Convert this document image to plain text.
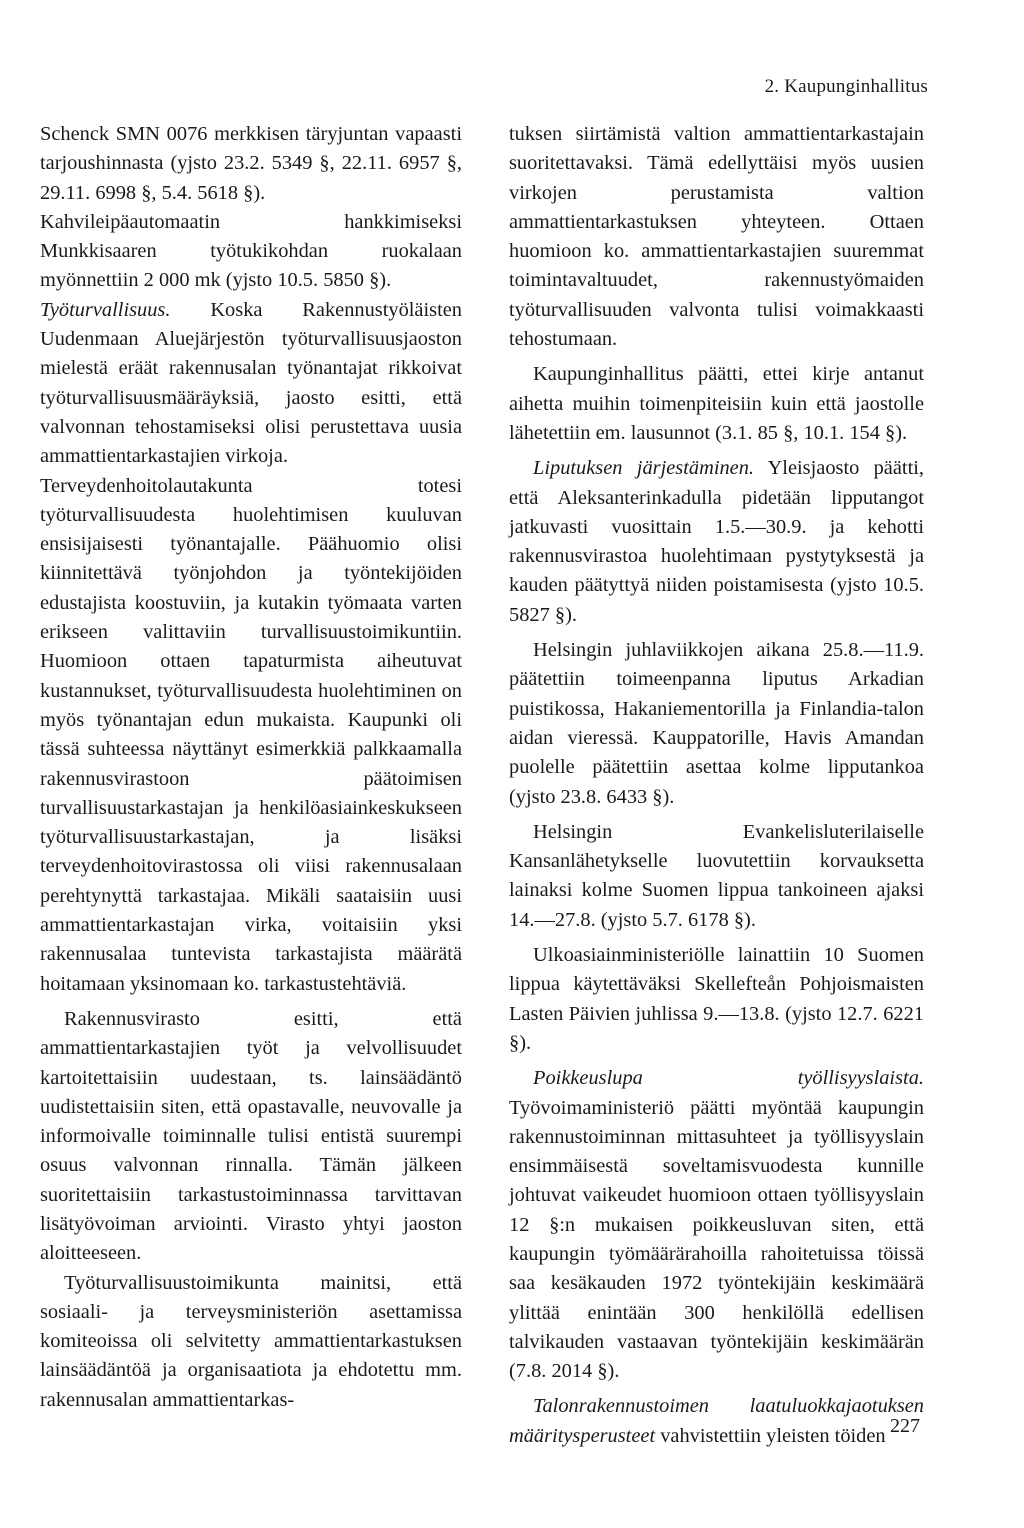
2. Kaupunginhallitus

Schenck SMN 0076 merkkisen täryjuntan vapaasti tarjoushinnasta (yjsto 23.2. 5349 §, 22.11. 6957 §, 29.11. 6998 §, 5.4. 5618 §).

Kahvileipäautomaatin hankkimiseksi Munkkisaaren työtukikohdan ruokalaan myönnettiin 2 000 mk (yjsto 10.5. 5850 §).

Työturvallisuus. Koska Rakennustyöläisten Uudenmaan Aluejärjestön työturvallisuusjaoston mielestä eräät rakennusalan työnantajat rikkoivat työturvallisuusmääräyksiä, jaosto esitti, että valvonnan tehostamiseksi olisi perustettava uusia ammattientarkastajien virkoja.

Terveydenhoitolautakunta totesi työturvallisuudesta huolehtimisen kuuluvan ensisijaisesti työnantajalle. Päähuomio olisi kiinnitettävä työnjohdon ja työntekijöiden edustajista koostuviin, ja kutakin työmaata varten erikseen valittaviin turvallisuustoimikuntiin. Huomioon ottaen tapaturmista aiheutuvat kustannukset, työturvallisuudesta huolehtiminen on myös työnantajan edun mukaista. Kaupunki oli tässä suhteessa näyttänyt esimerkkiä palkkaamalla rakennusvirastoon päätoimisen turvallisuustarkastajan ja henkilöasiainkeskukseen työturvallisuustarkastajan, ja lisäksi terveydenhoitovirastossa oli viisi rakennusalaan perehtynyttä tarkastajaa. Mikäli saataisiin uusi ammattientarkastajan virka, voitaisiin yksi rakennusalaa tuntevista tarkastajista määrätä hoitamaan yksinomaan ko. tarkastustehtäviä.

Rakennusvirasto esitti, että ammattientarkastajien työt ja velvollisuudet kartoitettaisiin uudestaan, ts. lainsäädäntö uudistettaisiin siten, että opastavalle, neuvovalle ja informoivalle toiminnalle tulisi entistä suurempi osuus valvonnan rinnalla. Tämän jälkeen suoritettaisiin tarkastustoiminnassa tarvittavan lisätyövoiman arviointi. Virasto yhtyi jaoston aloitteeseen.

Työturvallisuustoimikunta mainitsi, että sosiaali- ja terveysministeriön asettamissa komiteoissa oli selvitetty ammattientarkastuksen lainsäädäntöä ja organisaatiota ja ehdotettu mm. rakennusalan ammattientarkas-

tuksen siirtämistä valtion ammattientarkastajain suoritettavaksi. Tämä edellyttäisi myös uusien virkojen perustamista valtion ammattientarkastuksen yhteyteen. Ottaen huomioon ko. ammattientarkastajien suuremmat toimintavaltuudet, rakennustyömaiden työturvallisuuden valvonta tulisi voimakkaasti tehostumaan.

Kaupunginhallitus päätti, ettei kirje antanut aihetta muihin toimenpiteisiin kuin että jaostolle lähetettiin em. lausunnot (3.1. 85 §, 10.1. 154 §).

Liputuksen järjestäminen. Yleisjaosto päätti, että Aleksanterinkadulla pidetään lipputangot jatkuvasti vuosittain 1.5.—30.9. ja kehotti rakennusvirastoa huolehtimaan pystytyksestä ja kauden päätyttyä niiden poistamisesta (yjsto 10.5. 5827 §).

Helsingin juhlaviikkojen aikana 25.8.—11.9. päätettiin toimeenpanna liputus Arkadian puistikossa, Hakaniementorilla ja Finlandia-talon aidan vieressä. Kauppatorille, Havis Amandan puolelle päätettiin asettaa kolme lipputankoa (yjsto 23.8. 6433 §).

Helsingin Evankelisluterilaiselle Kansanlähetykselle luovutettiin korvauksetta lainaksi kolme Suomen lippua tankoineen ajaksi 14.—27.8. (yjsto 5.7. 6178 §).

Ulkoasiainministeriölle lainattiin 10 Suomen lippua käytettäväksi Skellefteån Pohjoismaisten Lasten Päivien juhlissa 9.—13.8. (yjsto 12.7. 6221 §).

Poikkeuslupa työllisyyslaista. Työvoimaministeriö päätti myöntää kaupungin rakennustoiminnan mittasuhteet ja työllisyyslain ensimmäisestä soveltamisvuodesta kunnille johtuvat vaikeudet huomioon ottaen työllisyyslain 12 §:n mukaisen poikkeusluvan siten, että kaupungin työmäärärahoilla rahoitetuissa töissä saa kesäkauden 1972 työntekijäin keskimäärä ylittää enintään 300 henkilöllä edellisen talvikauden vastaavan työntekijäin keskimäärän (7.8. 2014 §).

Talonrakennustoimen laatuluokkajaotuksen määritysperusteet vahvistettiin yleisten töiden 227
